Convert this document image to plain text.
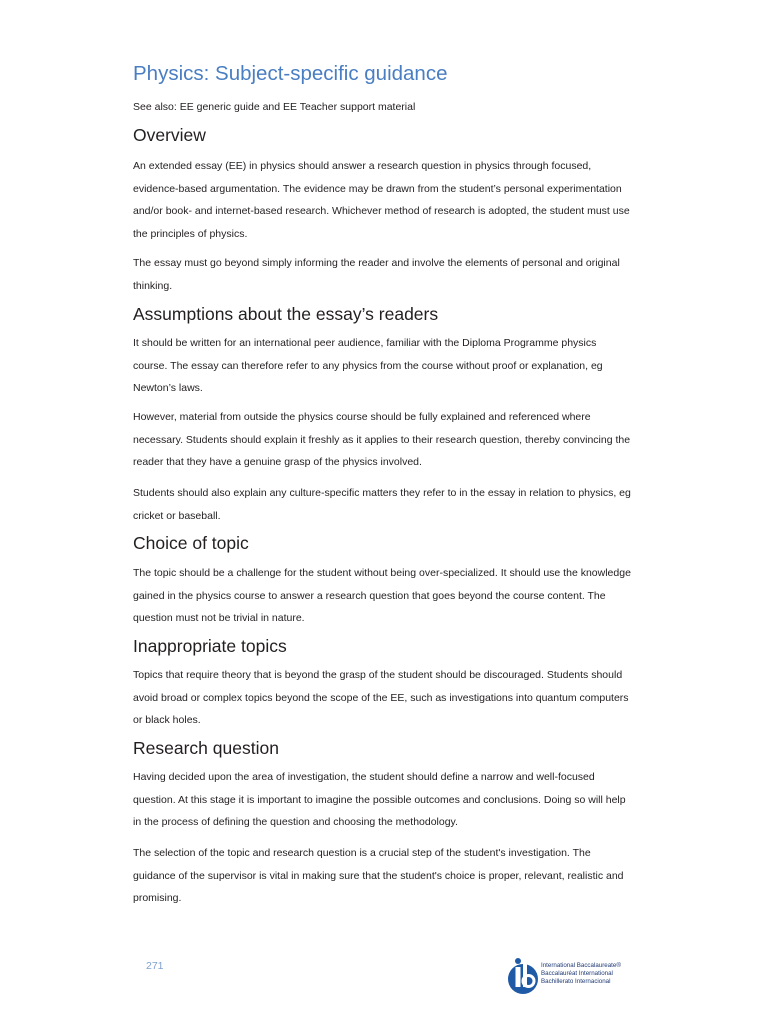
Physics: Subject-specific guidance
See also: EE generic guide and EE Teacher support material
Overview

An extended essay (EE) in physics should answer a research question in physics through focused, evidence-based argumentation. The evidence may be drawn from the student’s personal experimentation and/or book- and internet-based research. Whichever method of research is adopted, the student must use the principles of physics.

The essay must go beyond simply informing the reader and involve the elements of personal and original thinking.

Assumptions about the essay’s readers

It should be written for an international peer audience, familiar with the Diploma Programme physics course. The essay can therefore refer to any physics from the course without proof or explanation, eg Newton’s laws.

However, material from outside the physics course should be fully explained and referenced where necessary. Students should explain it freshly as it applies to their research question, thereby convincing the reader that they have a genuine grasp of the physics involved.

Students should also explain any culture-specific matters they refer to in the essay in relation to physics, eg cricket or baseball.

Choice of topic

The topic should be a challenge for the student without being over-specialized. It should use the knowledge gained in the physics course to answer a research question that goes beyond the course content. The question must not be trivial in nature.

Inappropriate topics

Topics that require theory that is beyond the grasp of the student should be discouraged. Students should avoid broad or complex topics beyond the scope of the EE, such as investigations into quantum computers or black holes.

Research question

Having decided upon the area of investigation, the student should define a narrow and well-focused question. At this stage it is important to imagine the possible outcomes and conclusions. Doing so will help in the process of defining the question and choosing the methodology.

The selection of the topic and research question is a crucial step of the student's investigation. The guidance of the supervisor is vital in making sure that the student's choice is proper, relevant, realistic and promising.

271	International Baccalaureate®
Baccalauréat International
Bachillerato Internacional
